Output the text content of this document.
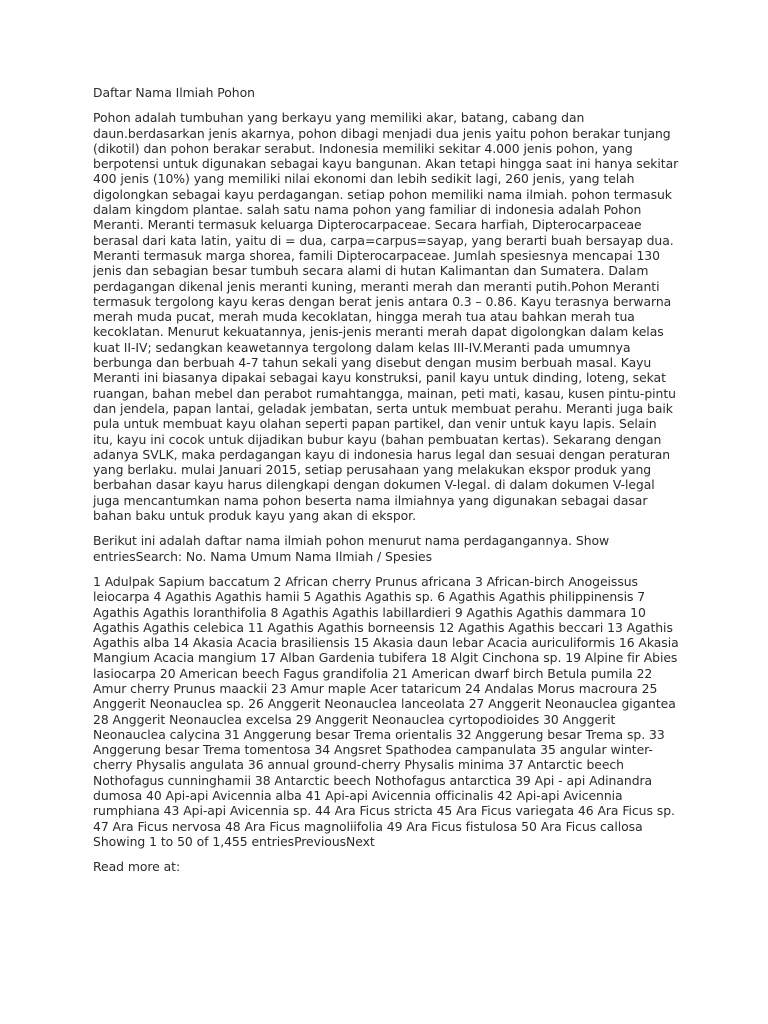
Daftar Nama Ilmiah Pohon

Pohon adalah tumbuhan yang berkayu yang memiliki akar, batang, cabang dan daun.berdasarkan jenis akarnya, pohon dibagi menjadi dua jenis yaitu pohon berakar tunjang (dikotil) dan pohon berakar serabut. Indonesia memiliki sekitar 4.000 jenis pohon, yang berpotensi untuk digunakan sebagai kayu bangunan. Akan tetapi hingga saat ini hanya sekitar 400 jenis (10%) yang memiliki nilai ekonomi dan lebih sedikit lagi, 260 jenis, yang telah digolongkan sebagai kayu perdagangan. setiap pohon memiliki nama ilmiah. pohon termasuk dalam kingdom plantae. salah satu nama pohon yang familiar di indonesia adalah Pohon Meranti. Meranti termasuk keluarga Dipterocarpaceae. Secara harfiah, Dipterocarpaceae berasal dari kata latin, yaitu di = dua, carpa=carpus=sayap, yang berarti buah bersayap dua. Meranti termasuk marga shorea, famili Dipterocarpaceae. Jumlah spesiesnya mencapai 130 jenis dan sebagian besar tumbuh secara alami di hutan Kalimantan dan Sumatera. Dalam perdagangan dikenal jenis meranti kuning, meranti merah dan meranti putih.Pohon Meranti termasuk tergolong kayu keras dengan berat jenis antara 0.3 – 0.86. Kayu terasnya berwarna merah muda pucat, merah muda kecoklatan, hingga merah tua atau bahkan merah tua kecoklatan. Menurut kekuatannya, jenis-jenis meranti merah dapat digolongkan dalam kelas kuat II-IV; sedangkan keawetannya tergolong dalam kelas III-IV.Meranti pada umumnya berbunga dan berbuah 4-7 tahun sekali yang disebut dengan musim berbuah masal. Kayu Meranti ini biasanya dipakai sebagai kayu konstruksi, panil kayu untuk dinding, loteng, sekat ruangan, bahan mebel dan perabot rumahtangga, mainan, peti mati, kasau, kusen pintu-pintu dan jendela, papan lantai, geladak jembatan, serta untuk membuat perahu. Meranti juga baik pula untuk membuat kayu olahan seperti papan partikel, dan venir untuk kayu lapis. Selain itu, kayu ini cocok untuk dijadikan bubur kayu (bahan pembuatan kertas). Sekarang dengan adanya SVLK, maka perdagangan kayu di indonesia harus legal dan sesuai dengan peraturan yang berlaku. mulai Januari 2015, setiap perusahaan yang melakukan ekspor produk yang berbahan dasar kayu harus dilengkapi dengan dokumen V-legal. di dalam dokumen V-legal juga mencantumkan nama pohon beserta nama ilmiahnya yang digunakan sebagai dasar bahan baku untuk produk kayu yang akan di ekspor.

Berikut ini adalah daftar nama ilmiah pohon menurut nama perdagangannya. Show entriesSearch: No. Nama Umum Nama Ilmiah / Spesies

1 Adulpak Sapium baccatum 2 African cherry Prunus africana 3 African-birch Anogeissus leiocarpa 4 Agathis Agathis hamii 5 Agathis Agathis sp. 6 Agathis Agathis philippinensis 7 Agathis Agathis loranthifolia 8 Agathis Agathis labillardieri 9 Agathis Agathis dammara 10 Agathis Agathis celebica 11 Agathis Agathis borneensis 12 Agathis Agathis beccari 13 Agathis Agathis alba 14 Akasia Acacia brasiliensis 15 Akasia daun lebar Acacia auriculiformis 16 Akasia Mangium Acacia mangium 17 Alban Gardenia tubifera 18 Algit Cinchona sp. 19 Alpine fir Abies lasiocarpa 20 American beech Fagus grandifolia 21 American dwarf birch Betula pumila 22 Amur cherry Prunus maackii 23 Amur maple Acer tataricum 24 Andalas Morus macroura 25 Anggerit Neonauclea sp. 26 Anggerit Neonauclea lanceolata 27 Anggerit Neonauclea gigantea 28 Anggerit Neonauclea excelsa 29 Anggerit Neonauclea cyrtopodioides 30 Anggerit Neonauclea calycina 31 Anggerung besar Trema orientalis 32 Anggerung besar Trema sp. 33 Anggerung besar Trema tomentosa 34 Angsret Spathodea campanulata 35 angular winter-cherry Physalis angulata 36 annual ground-cherry Physalis minima 37 Antarctic beech Nothofagus cunninghamii 38 Antarctic beech Nothofagus antarctica 39 Api - api Adinandra dumosa 40 Api-api Avicennia alba 41 Api-api Avicennia officinalis 42 Api-api Avicennia rumphiana 43 Api-api Avicennia sp. 44 Ara Ficus stricta 45 Ara Ficus variegata 46 Ara Ficus sp. 47 Ara Ficus nervosa 48 Ara Ficus magnoliifolia 49 Ara Ficus fistulosa 50 Ara Ficus callosa Showing 1 to 50 of 1,455 entriesPreviousNext

Read more at:
